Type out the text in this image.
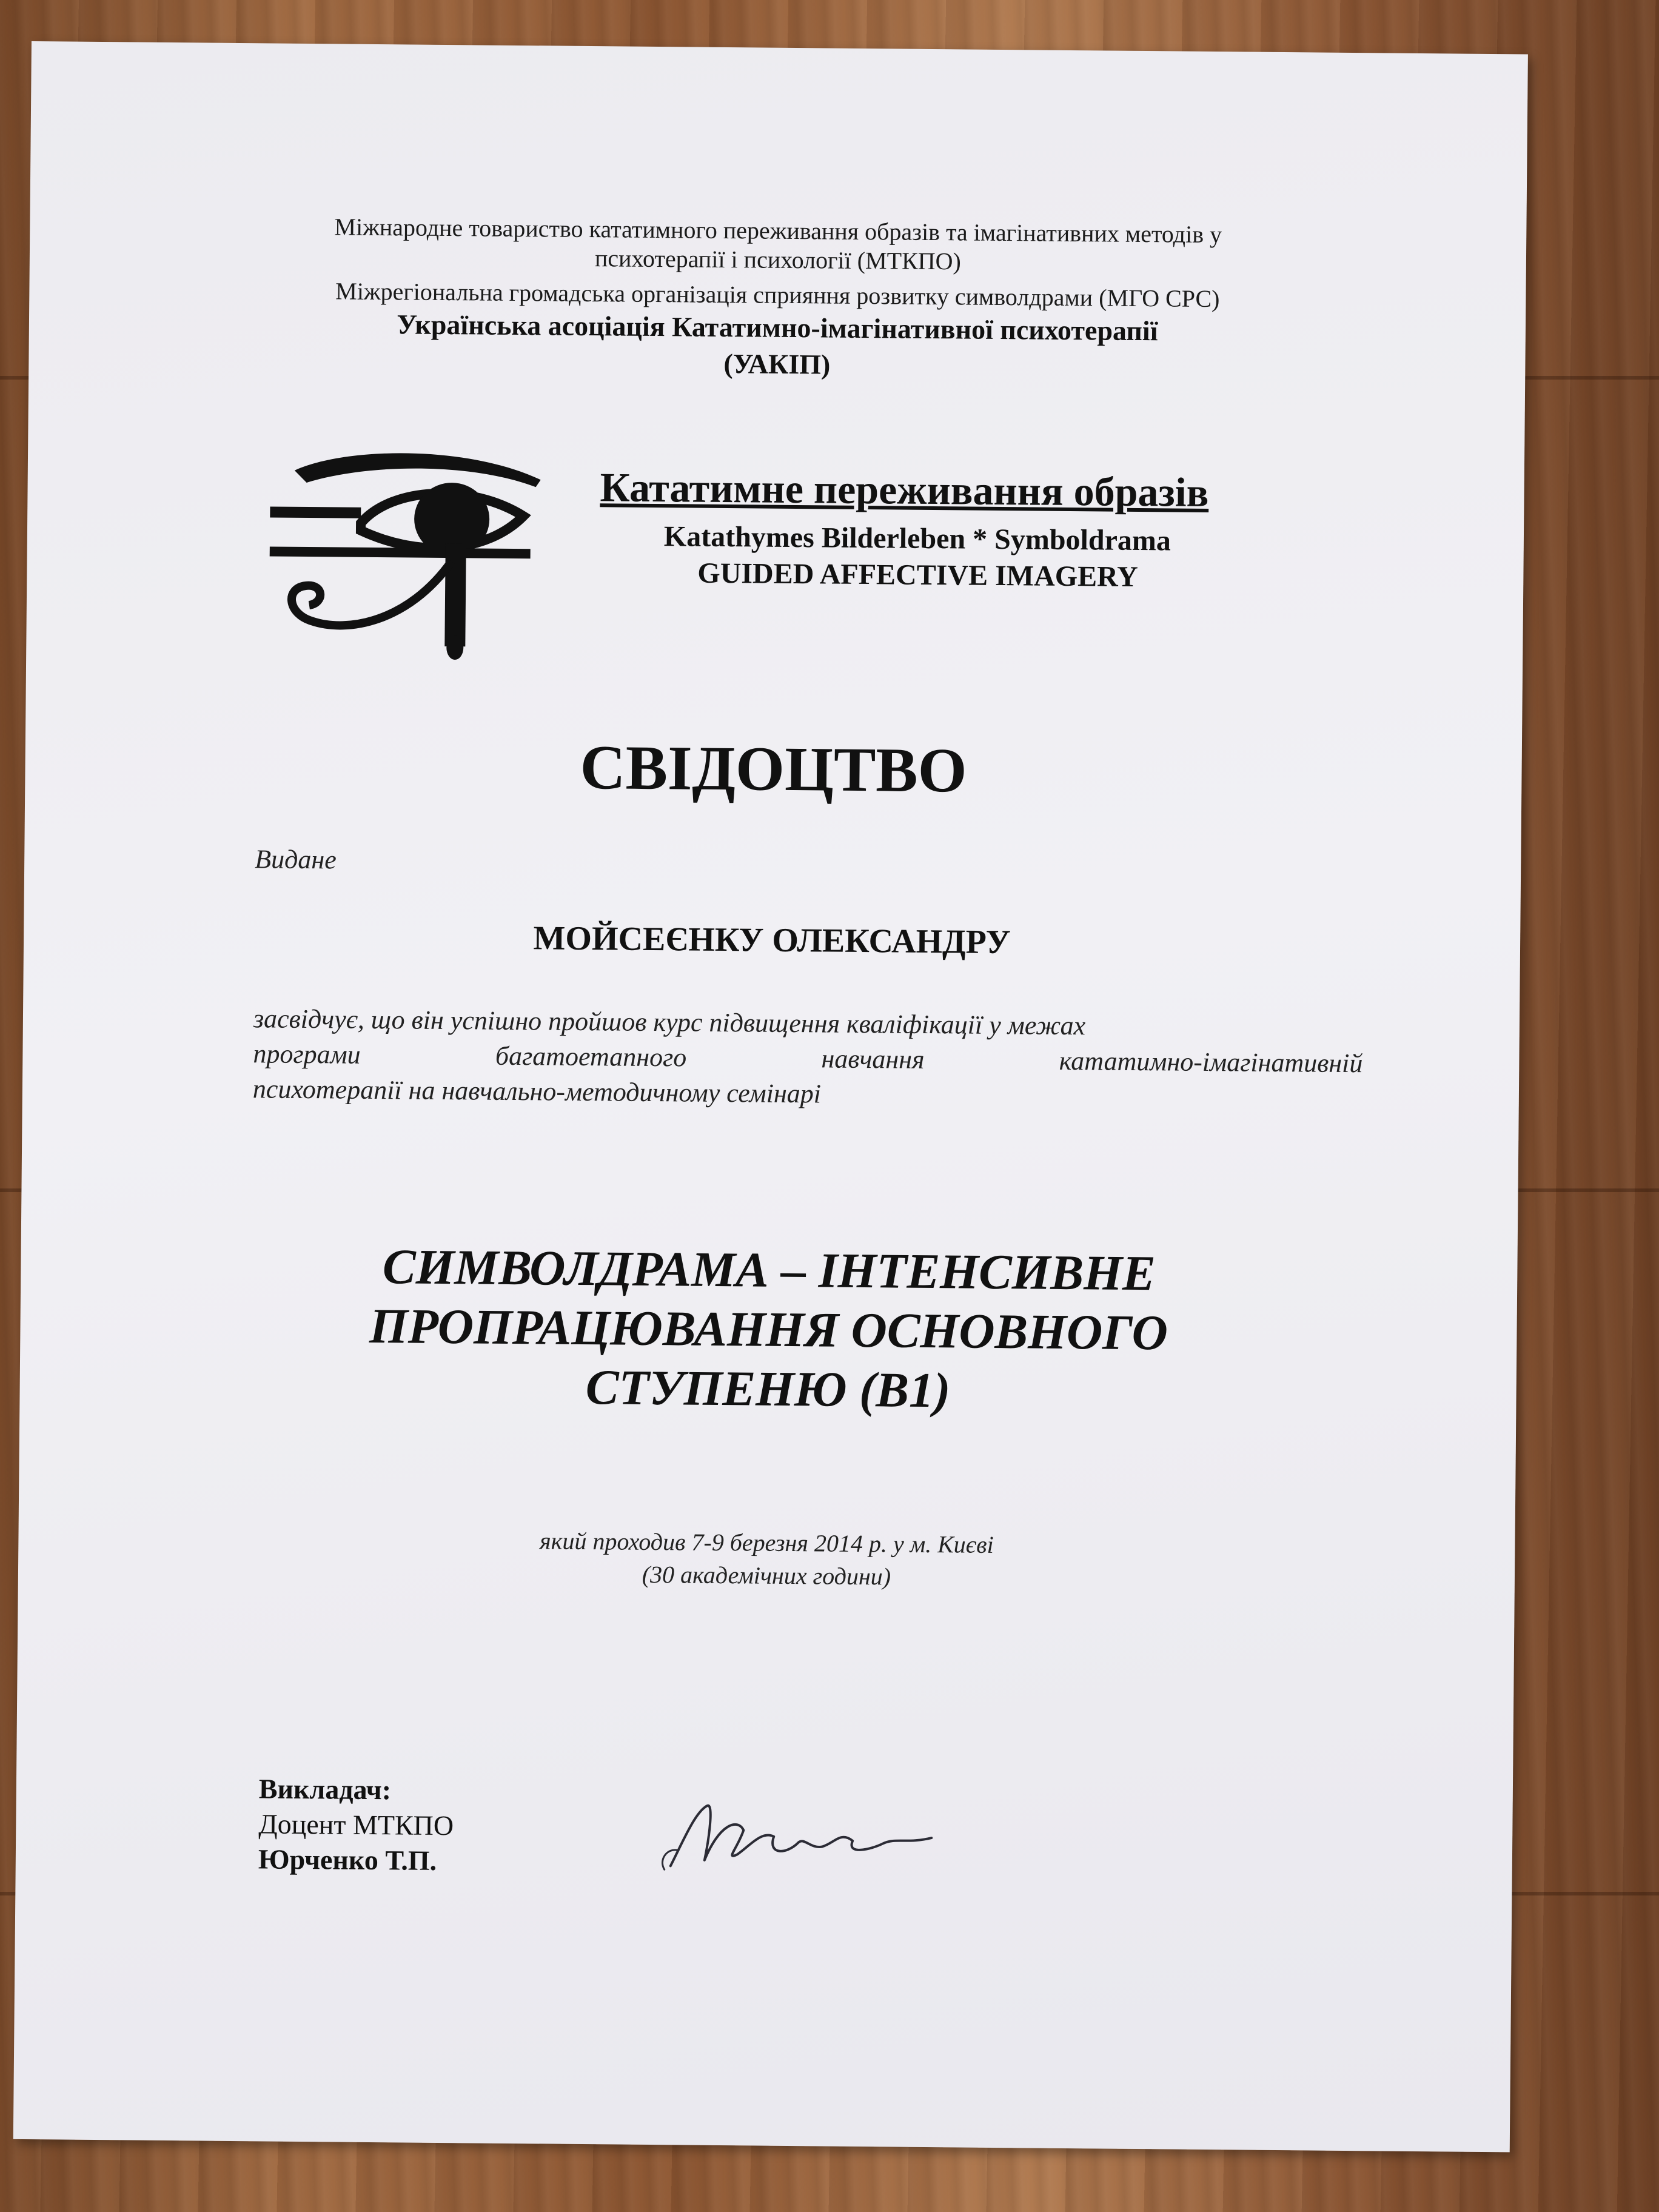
Міжнародне товариство кататимного переживання образів та імагінативних методів у
психотерапії і психології (МТКПО)
Міжрегіональна громадська організація сприяння розвитку символдрами (МГО СРС)
Українська асоціація Кататимно-імагінативної психотерапії
(УАКІП)
Кататимне переживання образів
Katathymes Bilderleben * Symboldrama
GUIDED AFFECTIVE IMAGERY
СВІДОЦТВО
Видане
МОЙСЕЄНКУ ОЛЕКСАНДРУ
засвідчує, що він успішно пройшов курс підвищення кваліфікації у межах
програми багатоетапного навчання кататимно-імагінативній
психотерапії на навчально-методичному семінарі
СИМВОЛДРАМА – ІНТЕНСИВНЕ
ПРОПРАЦЮВАННЯ ОСНОВНОГО
СТУПЕНЮ (В1)
який проходив 7-9 березня 2014 р. у м. Києві
(30 академічних години)
Викладач:
Доцент МТКПО
Юрченко Т.П.
